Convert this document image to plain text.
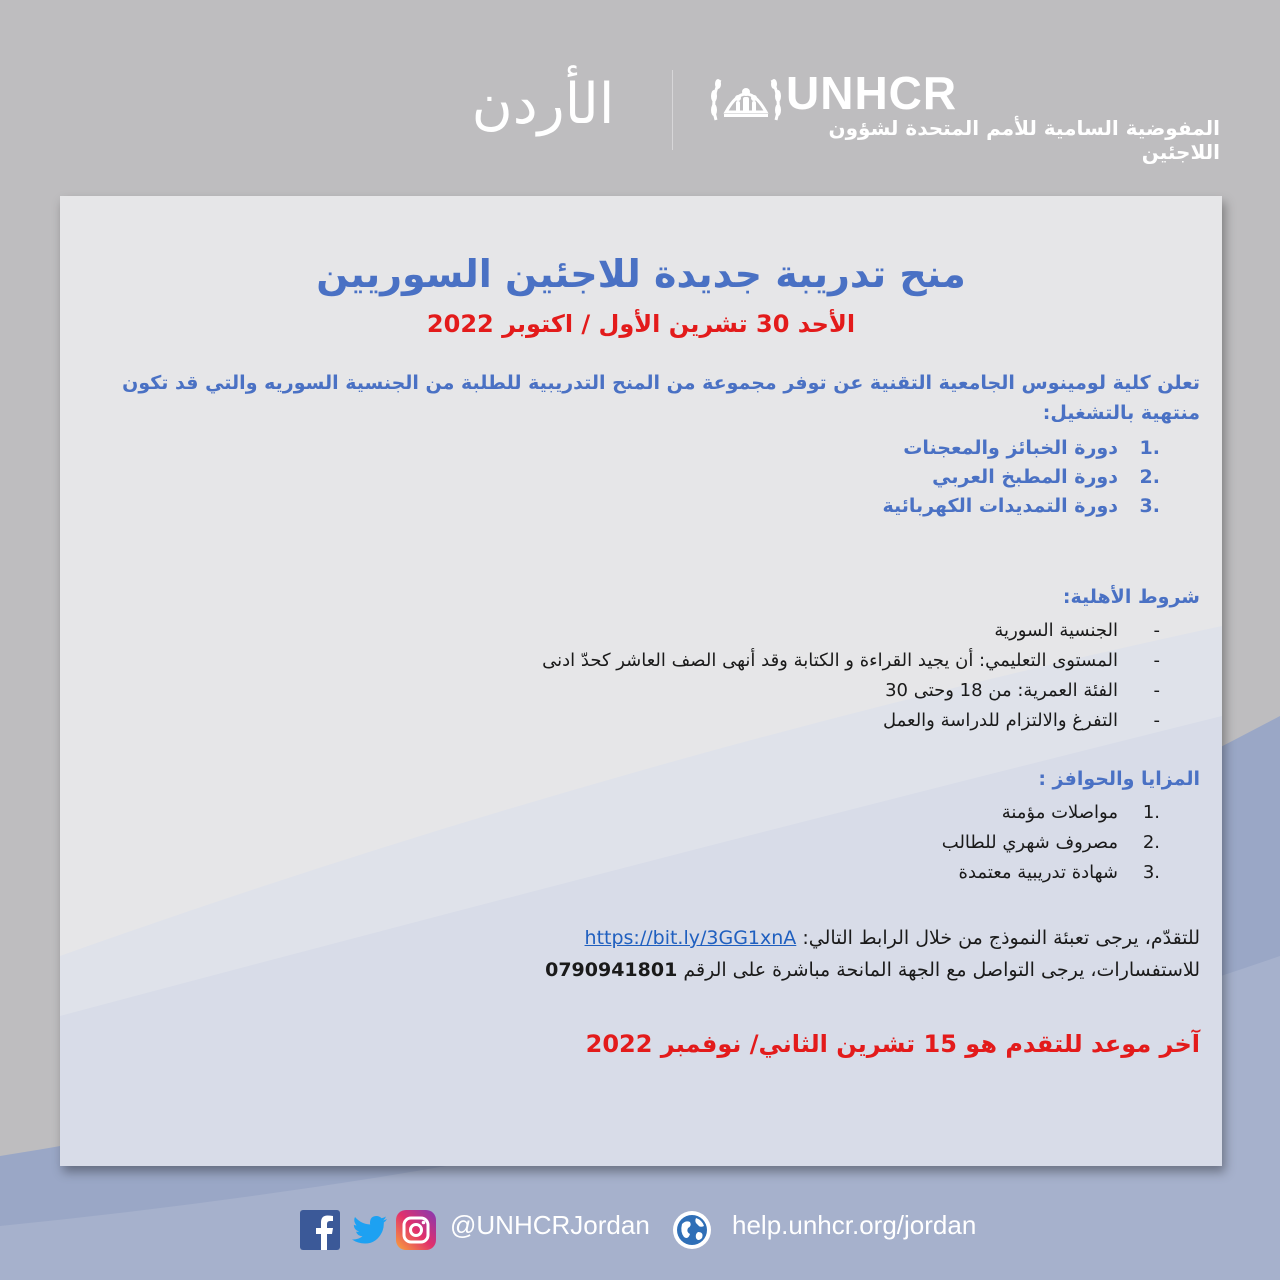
الأردن	UNHCR
المفوضية السامية للأمم المتحدة لشؤون اللاجئين
منح تدريبة جديدة للاجئين السوريين
الأحد 30 تشرين الأول / اكتوبر 2022
تعلن كلية لومينوس الجامعية التقنية عن توفر مجموعة من المنح التدريبية للطلبة من الجنسية السوريه والتي قد تكون منتهية بالتشغيل:
.1دورة الخبائز والمعجنات
.2دورة المطبخ العربي
.3دورة التمديدات الكهربائية
شروط الأهلية:
-الجنسية السورية
-المستوى التعليمي: أن يجيد القراءة و الكتابة وقد أنهى الصف العاشر كحدّ ادنى
-الفئة العمرية: من 18 وحتى 30
-التفرغ والالتزام للدراسة والعمل
المزايا والحوافز :
.1مواصلات مؤمنة
.2مصروف شهري للطالب
.3شهادة تدريبية معتمدة
للتقدّم، يرجى تعبئة النموذج من خلال الرابط التالي: https://bit.ly/3GG1xnA
للاستفسارات، يرجى التواصل مع الجهة المانحة مباشرة على الرقم 0790941801
آخر موعد للتقدم هو 15 تشرين الثاني/ نوفمبر 2022
@UNHCRJordan	help.unhcr.org/jordan
